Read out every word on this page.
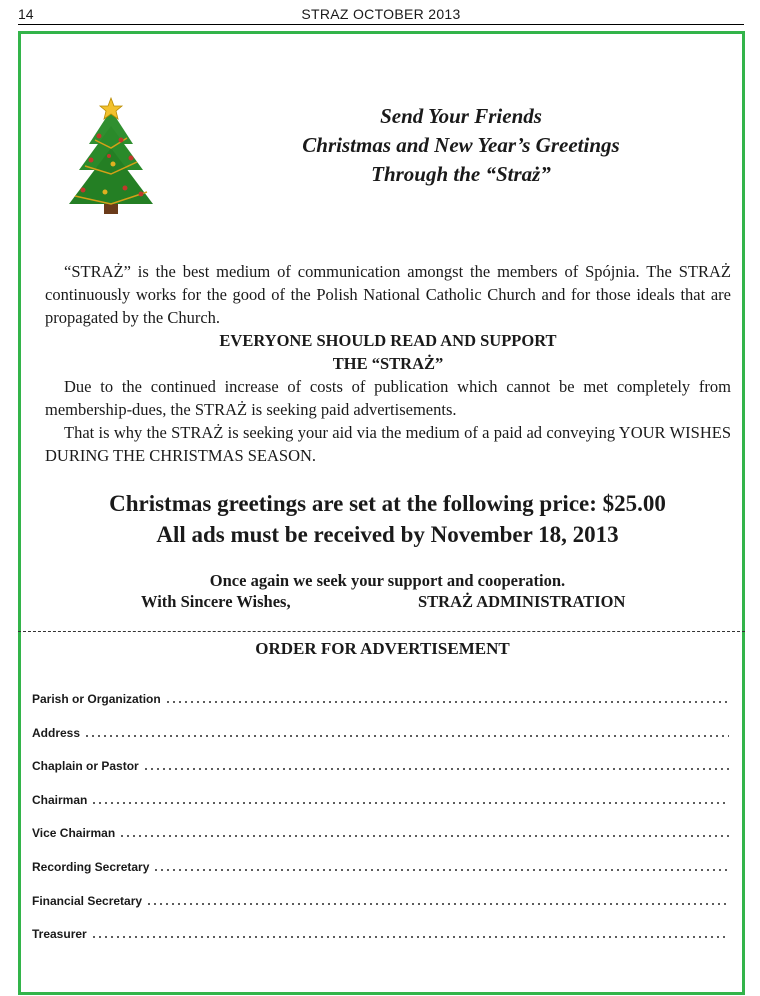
14	STRAZ OCTOBER 2013
Send Your Friends
Christmas and New Year’s Greetings
Through the “Straż”

“STRAŻ” is the best medium of communication amongst the members of Spójnia. The STRAŻ continuously works for the good of the Polish National Catholic Church and for those ideals that are propagated by the Church.

EVERYONE SHOULD READ AND SUPPORT

THE “STRAŻ”

Due to the continued increase of costs of publication which cannot be met completely from membership-dues, the STRAŻ is seeking paid advertisements.

That is why the STRAŻ is seeking your aid via the medium of a paid ad conveying YOUR WISHES DURING THE CHRISTMAS SEASON.

Christmas greetings are set at the following price: $25.00
All ads must be received by November 18, 2013
Once again we seek your support and cooperation.
With Sincere Wishes,	STRAŻ ADMINISTRATION
ORDER FOR ADVERTISEMENT
Parish or Organization
Address
Chaplain or Pastor
Chairman
Vice Chairman
Recording Secretary
Financial Secretary
Treasurer
